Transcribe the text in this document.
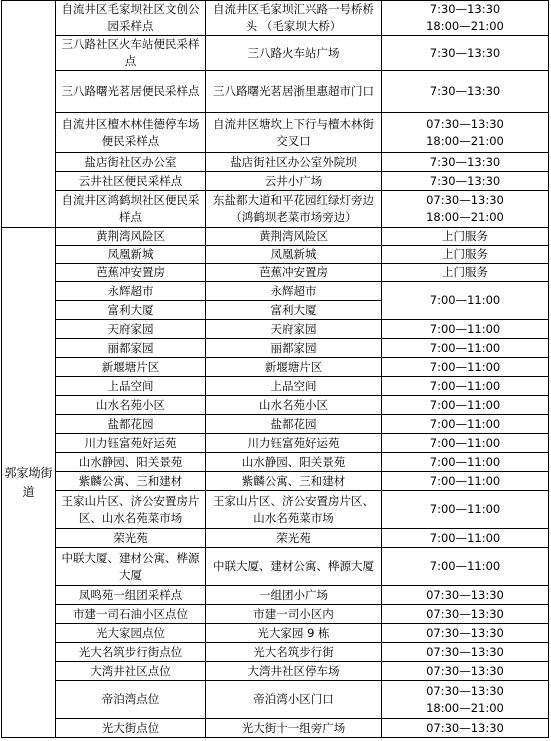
	自流井区毛家坝社区文创公园采样点	自流井区毛家坝汇兴路一号桥桥头 （毛家坝大桥）	7:30—13:30
18:00—21:00

	三八路社区火车站便民采样点	三八路火车站广场	7:30—13:30
	三八路曙光茗居便民采样点	三八路曙光茗居浙里惠超市门口	7:30—13:30
	自流井区檀木林佳德停车场便民采样点	自流井区塘坎上下行与檀木林街交叉口	07:30—13:30
18:00—21:00

	盐店街社区办公室	盐店街社区办公室外院坝	7:30—13:30
	云井社区便民采样点	云井小广场	7:30—13:30
	自流井区鸿鹤坝社区便民采样点	东盐都大道和平花园红绿灯旁边（鸿鹤坝老菜市场旁边）	07:30—13:30
18:00—21:00

郭家坳街道	黄荆湾风险区	黄荆湾风险区	上门服务
	凤凰新城	凤凰新城	上门服务
	芭蕉冲安置房	芭蕉冲安置房	上门服务
	永辉超市	永辉超市	7:00—11:00
	富利大厦	富利大厦	
	天府家园	天府家园	7:00—11:00
	丽都家园	丽都家园	7:00—11:00
	新堰塘片区	新堰塘片区	7:00—11:00
	上品空间	上品空间	7:00—11:00
	山水名苑小区	山水名苑小区	7:00—11:00
	盐都花园	盐都花园	7:00—11:00
	川力钰富苑好运苑	川力钰富苑好运苑	7:00—11:00
	山水静园、阳关景苑	山水静园、阳关景苑	7:00—11:00
	紫麟公寓、三和建材	紫麟公寓、三和建材	7:00—11:00
	王家山片区、济公安置房片区、山水名苑菜市场	王家山片区、济公安置房片区、山水名苑菜市场	7:00—11:00
	荣光苑	荣光苑	7:00—11:00
	中联大厦、建材公寓、桦源大厦	中联大厦、建材公寓、桦源大厦	7:00—11:00
	凤鸣苑一组团采样点	一组团小广场	07:30—13:30
	市建一司石油小区点位	市建一司小区内	07:30—13:30
	光大家园点位	光大家园 9 栋	07:30—13:30
	光大名筑步行街点位	光大名筑步行街	07:30—13:30
	大湾井社区点位	大湾井社区停车场	07:30—13:30
	帝泊湾点位	帝泊湾小区门口	07:30—13:30
18:00—21:00

	光大街点位	光大街十一组旁广场	07:30—13:30
